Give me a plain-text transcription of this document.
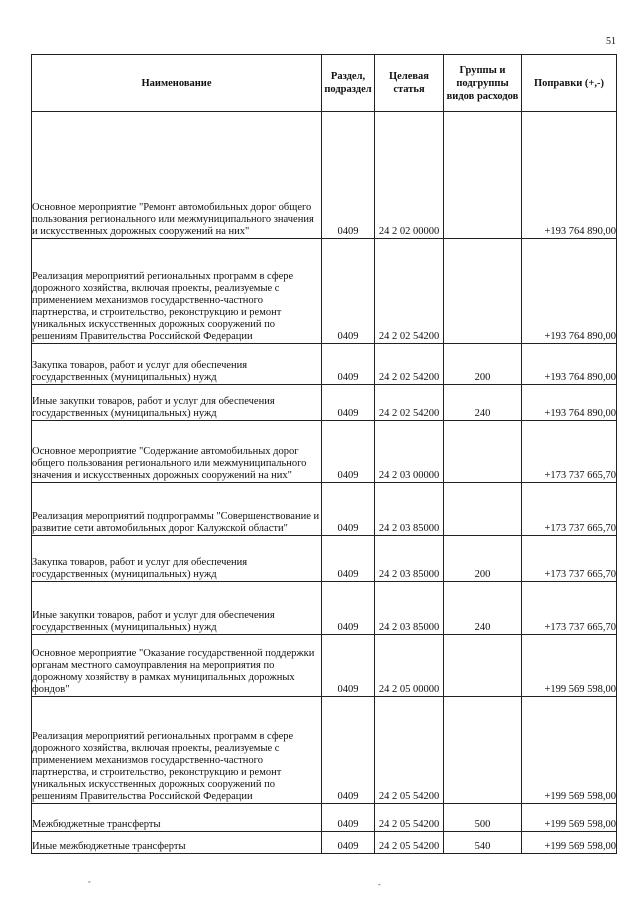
51
Наименование	Раздел, подраздел	Целевая статья	Группы и подгруппы видов расходов	Поправки (+,-)
Основное мероприятие "Ремонт автомобильных дорог общего пользования регионального или межмуниципального значения и искусственных дорожных сооружений на них"	0409	24 2 02 00000		+193 764 890,00
Реализация мероприятий региональных программ в сфере дорожного хозяйства, включая проекты, реализуемые с применением механизмов государственно-частного партнерства, и строительство, реконструкцию и ремонт уникальных искусственных дорожных сооружений по решениям Правительства Российской Федерации	0409	24 2 02 54200		+193 764 890,00
Закупка товаров, работ и услуг для обеспечения государственных (муниципальных) нужд	0409	24 2 02 54200	200	+193 764 890,00
Иные закупки товаров, работ и услуг для обеспечения государственных (муниципальных) нужд	0409	24 2 02 54200	240	+193 764 890,00
Основное мероприятие "Содержание автомобильных дорог общего пользования регионального или межмуниципального значения и искусственных дорожных сооружений на них"	0409	24 2 03 00000		+173 737 665,70
Реализация мероприятий подпрограммы "Совершенствование и развитие сети автомобильных дорог Калужской области"	0409	24 2 03 85000		+173 737 665,70
Закупка товаров, работ и услуг для обеспечения государственных (муниципальных) нужд	0409	24 2 03 85000	200	+173 737 665,70
Иные закупки товаров, работ и услуг для обеспечения государственных (муниципальных) нужд	0409	24 2 03 85000	240	+173 737 665,70
Основное мероприятие "Оказание государственной поддержки органам местного самоуправления на мероприятия по дорожному хозяйству в рамках муниципальных дорожных фондов"	0409	24 2 05 00000		+199 569 598,00
Реализация мероприятий региональных программ в сфере дорожного хозяйства, включая проекты, реализуемые с применением механизмов государственно-частного партнерства, и строительство, реконструкцию и ремонт уникальных искусственных дорожных сооружений по решениям Правительства Российской Федерации	0409	24 2 05 54200		+199 569 598,00
Межбюджетные трансферты	0409	24 2 05 54200	500	+199 569 598,00
Иные межбюджетные трансферты	0409	24 2 05 54200	540	+199 569 598,00
ˇ	-
